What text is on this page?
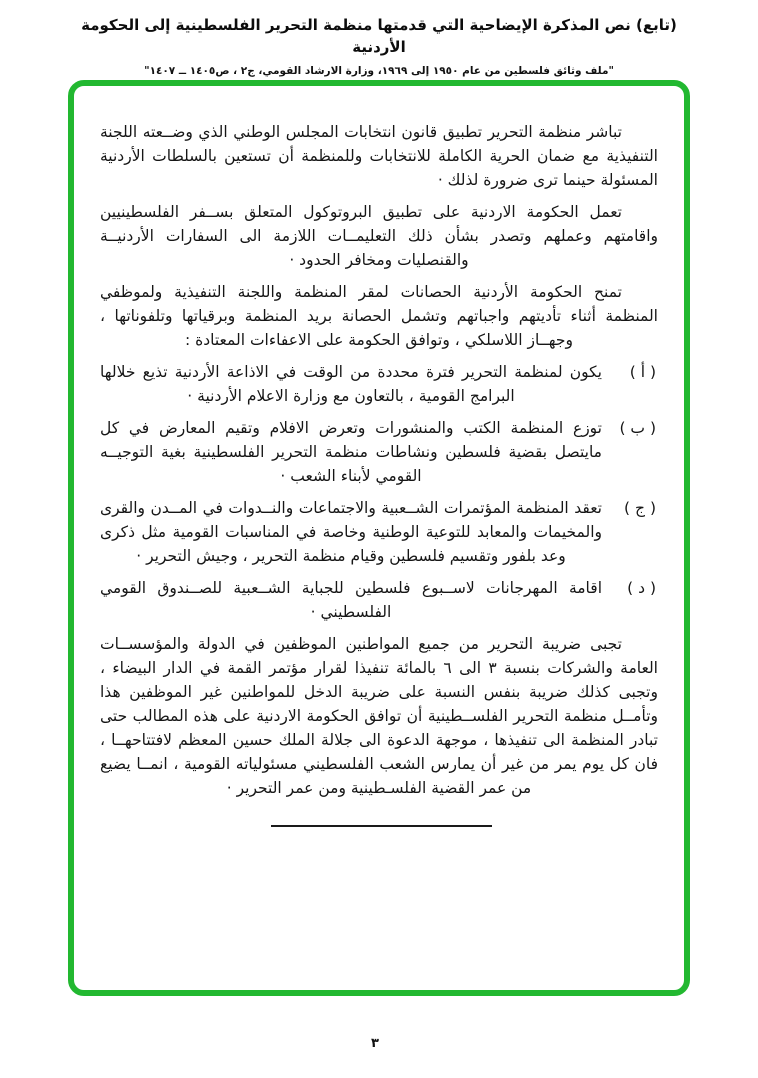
(تابع) نص المذكرة الإيضاحية التي قدمتها منظمة التحرير الفلسطينية إلى الحكومة الأردنية
"ملف وثائق فلسطين من عام ١٩٥٠ إلى ١٩٦٩، وزارة الارشاد القومي، ج٢ ، ص١٤٠٥ ــ ١٤٠٧"

تباشر منظمة التحرير تطبيق قانون انتخابات المجلس الوطني الذي وضــعته اللجنة التنفيذية مع ضمان الحرية الكاملة للانتخابات وللمنظمة أن تستعين بالسلطات الأردنية المسئولة حينما ترى ضرورة لذلك ·

تعمل الحكومة الاردنية على تطبيق البروتوكول المتعلق بســفر الفلسطينيين واقامتهم وعملهم وتصدر بشأن ذلك التعليمــات اللازمة الى السفارات الأردنيــة والقنصليات ومخافر الحدود ·

تمنح الحكومة الأردنية الحصانات لمقر المنظمة واللجنة التنفيذية ولموظفي المنظمة أثناء تأديتهم واجباتهم وتشمل الحصانة بريد المنظمة وبرقياتها وتلفوناتها ، وجهــاز اللاسلكي ، وتوافق الحكومة على الاعفاءات المعتادة :

( أ )
يكون لمنظمة التحرير فترة محددة من الوقت في الاذاعة الأردنية تذيع خلالها البرامج القومية ، بالتعاون مع وزارة الاعلام الأردنية ·
( ب )
توزع المنظمة الكتب والمنشورات وتعرض الافلام وتقيم المعارض في كل مايتصل بقضية فلسطين ونشاطات منظمة التحرير الفلسطينية بغية التوجيــه القومي لأبناء الشعب ·
( ج )
تعقد المنظمة المؤتمرات الشــعبية والاجتماعات والنــدوات في المــدن والقرى والمخيمات والمعابد للتوعية الوطنية وخاصة في المناسبات القومية مثل ذكرى وعد بلفور وتقسيم فلسطين وقيام منظمة التحرير ، وجيش التحرير ·
( د )
اقامة المهرجانات لاســبوع فلسطين للجباية الشــعبية للصــندوق القومي الفلسطيني ·

تجبى ضريبة التحرير من جميع المواطنين الموظفين في الدولة والمؤسســات العامة والشركات بنسبة ٣ الى ٦ بالمائة تنفيذا لقرار مؤتمر القمة في الدار البيضاء ، وتجبى كذلك ضريبة بنفس النسبة على ضريبة الدخل للمواطنين غير الموظفين هذا وتأمــل منظمة التحرير الفلســطينية أن توافق الحكومة الاردنية على هذه المطالب حتى تبادر المنظمة الى تنفيذها ، موجهة الدعوة الى جلالة الملك حسين المعظم لافتتاحهــا ، فان كل يوم يمر من غير أن يمارس الشعب الفلسطيني مسئولياته القومية ، انمــا يضيع من عمر القضية الفلسـطينية ومن عمر التحرير ·

٣
